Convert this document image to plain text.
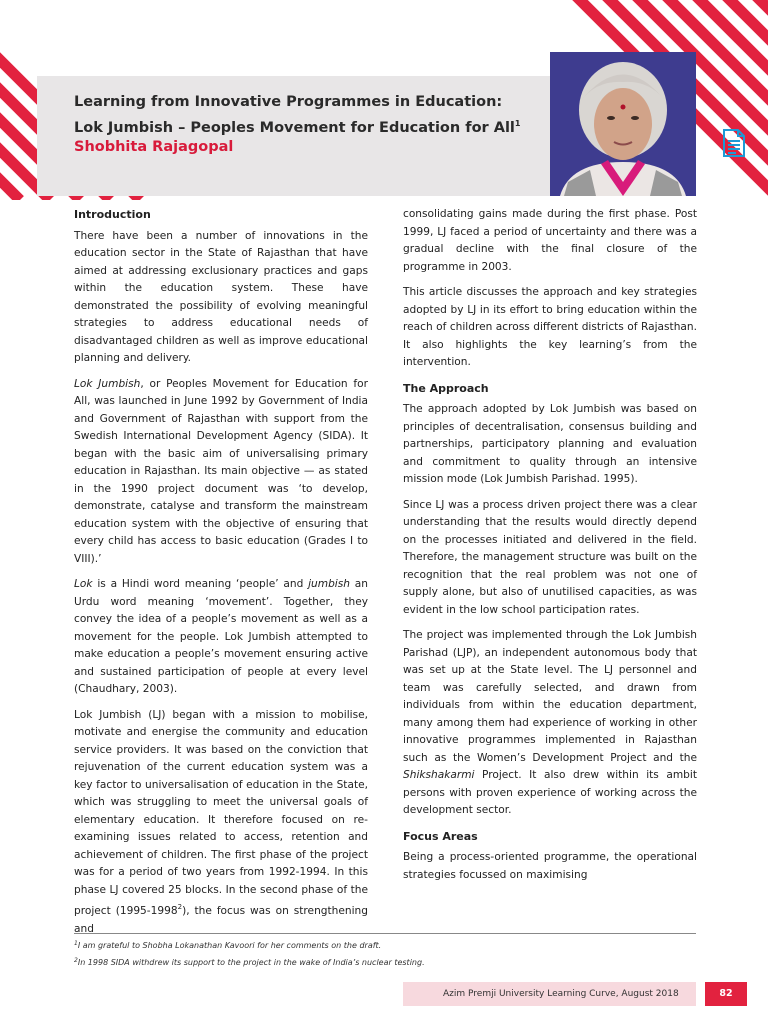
Learning from Innovative Programmes in Education: Lok Jumbish – Peoples Movement for Education for All$^1$
Shobhita Rajagopal
Introduction

There have been a number of innovations in the education sector in the State of Rajasthan that have aimed at addressing exclusionary practices and gaps within the education system. These have demonstrated the possibility of evolving meaningful strategies to address educational needs of disadvantaged children as well as improve educational planning and delivery.

Lok Jumbish, or Peoples Movement for Education for All, was launched in June 1992 by Government of India and Government of Rajasthan with support from the Swedish International Development Agency (SIDA). It began with the basic aim of universalising primary education in Rajasthan. Its main objective — as stated in the 1990 project document was ‘to develop, demonstrate, catalyse and transform the mainstream education system with the objective of ensuring that every child has access to basic education (Grades I to VIII).’

Lok is a Hindi word meaning ‘people’ and jumbish an Urdu word meaning ‘movement’. Together, they convey the idea of a people’s movement as well as a movement for the people. Lok Jumbish attempted to make education a people’s movement ensuring active and sustained participation of people at every level (Chaudhary, 2003).

Lok Jumbish (LJ) began with a mission to mobilise, motivate and energise the community and education service providers. It was based on the conviction that rejuvenation of the current education system was a key factor to universalisation of education in the State, which was struggling to meet the universal goals of elementary education. It therefore focused on re-examining issues related to access, retention and achievement of children. The first phase of the project was for a period of two years from 1992-1994. In this phase LJ covered 25 blocks. In the second phase of the project (1995-1998$^2$), the focus was on strengthening and

consolidating gains made during the first phase. Post 1999, LJ faced a period of uncertainty and there was a gradual decline with the final closure of the programme in 2003.

This article discusses the approach and key strategies adopted by LJ in its effort to bring education within the reach of children across different districts of Rajasthan. It also highlights the key learning’s from the intervention.

The Approach

The approach adopted by Lok Jumbish was based on principles of decentralisation, consensus building and partnerships, participatory planning and evaluation and commitment to quality through an intensive mission mode (Lok Jumbish Parishad. 1995).

Since LJ was a process driven project there was a clear understanding that the results would directly depend on the processes initiated and delivered in the field. Therefore, the management structure was built on the recognition that the real problem was not one of supply alone, but also of unutilised capacities, as was evident in the low school participation rates.

The project was implemented through the Lok Jumbish Parishad (LJP), an independent autonomous body that was set up at the State level. The LJ personnel and team was carefully selected, and drawn from individuals from within the education department, many among them had experience of working in other innovative programmes implemented in Rajasthan such as the Women’s Development Project and the Shikshakarmi Project. It also drew within its ambit persons with proven experience of working across the development sector.

Focus Areas

Being a process-oriented programme, the operational strategies focussed on maximising

$^1$I am grateful to Shobha Lokanathan Kavoori for her comments on the draft.
$^2$In 1998 SIDA withdrew its support to the project in the wake of India’s nuclear testing.
Azim Premji University Learning Curve, August 2018	82
